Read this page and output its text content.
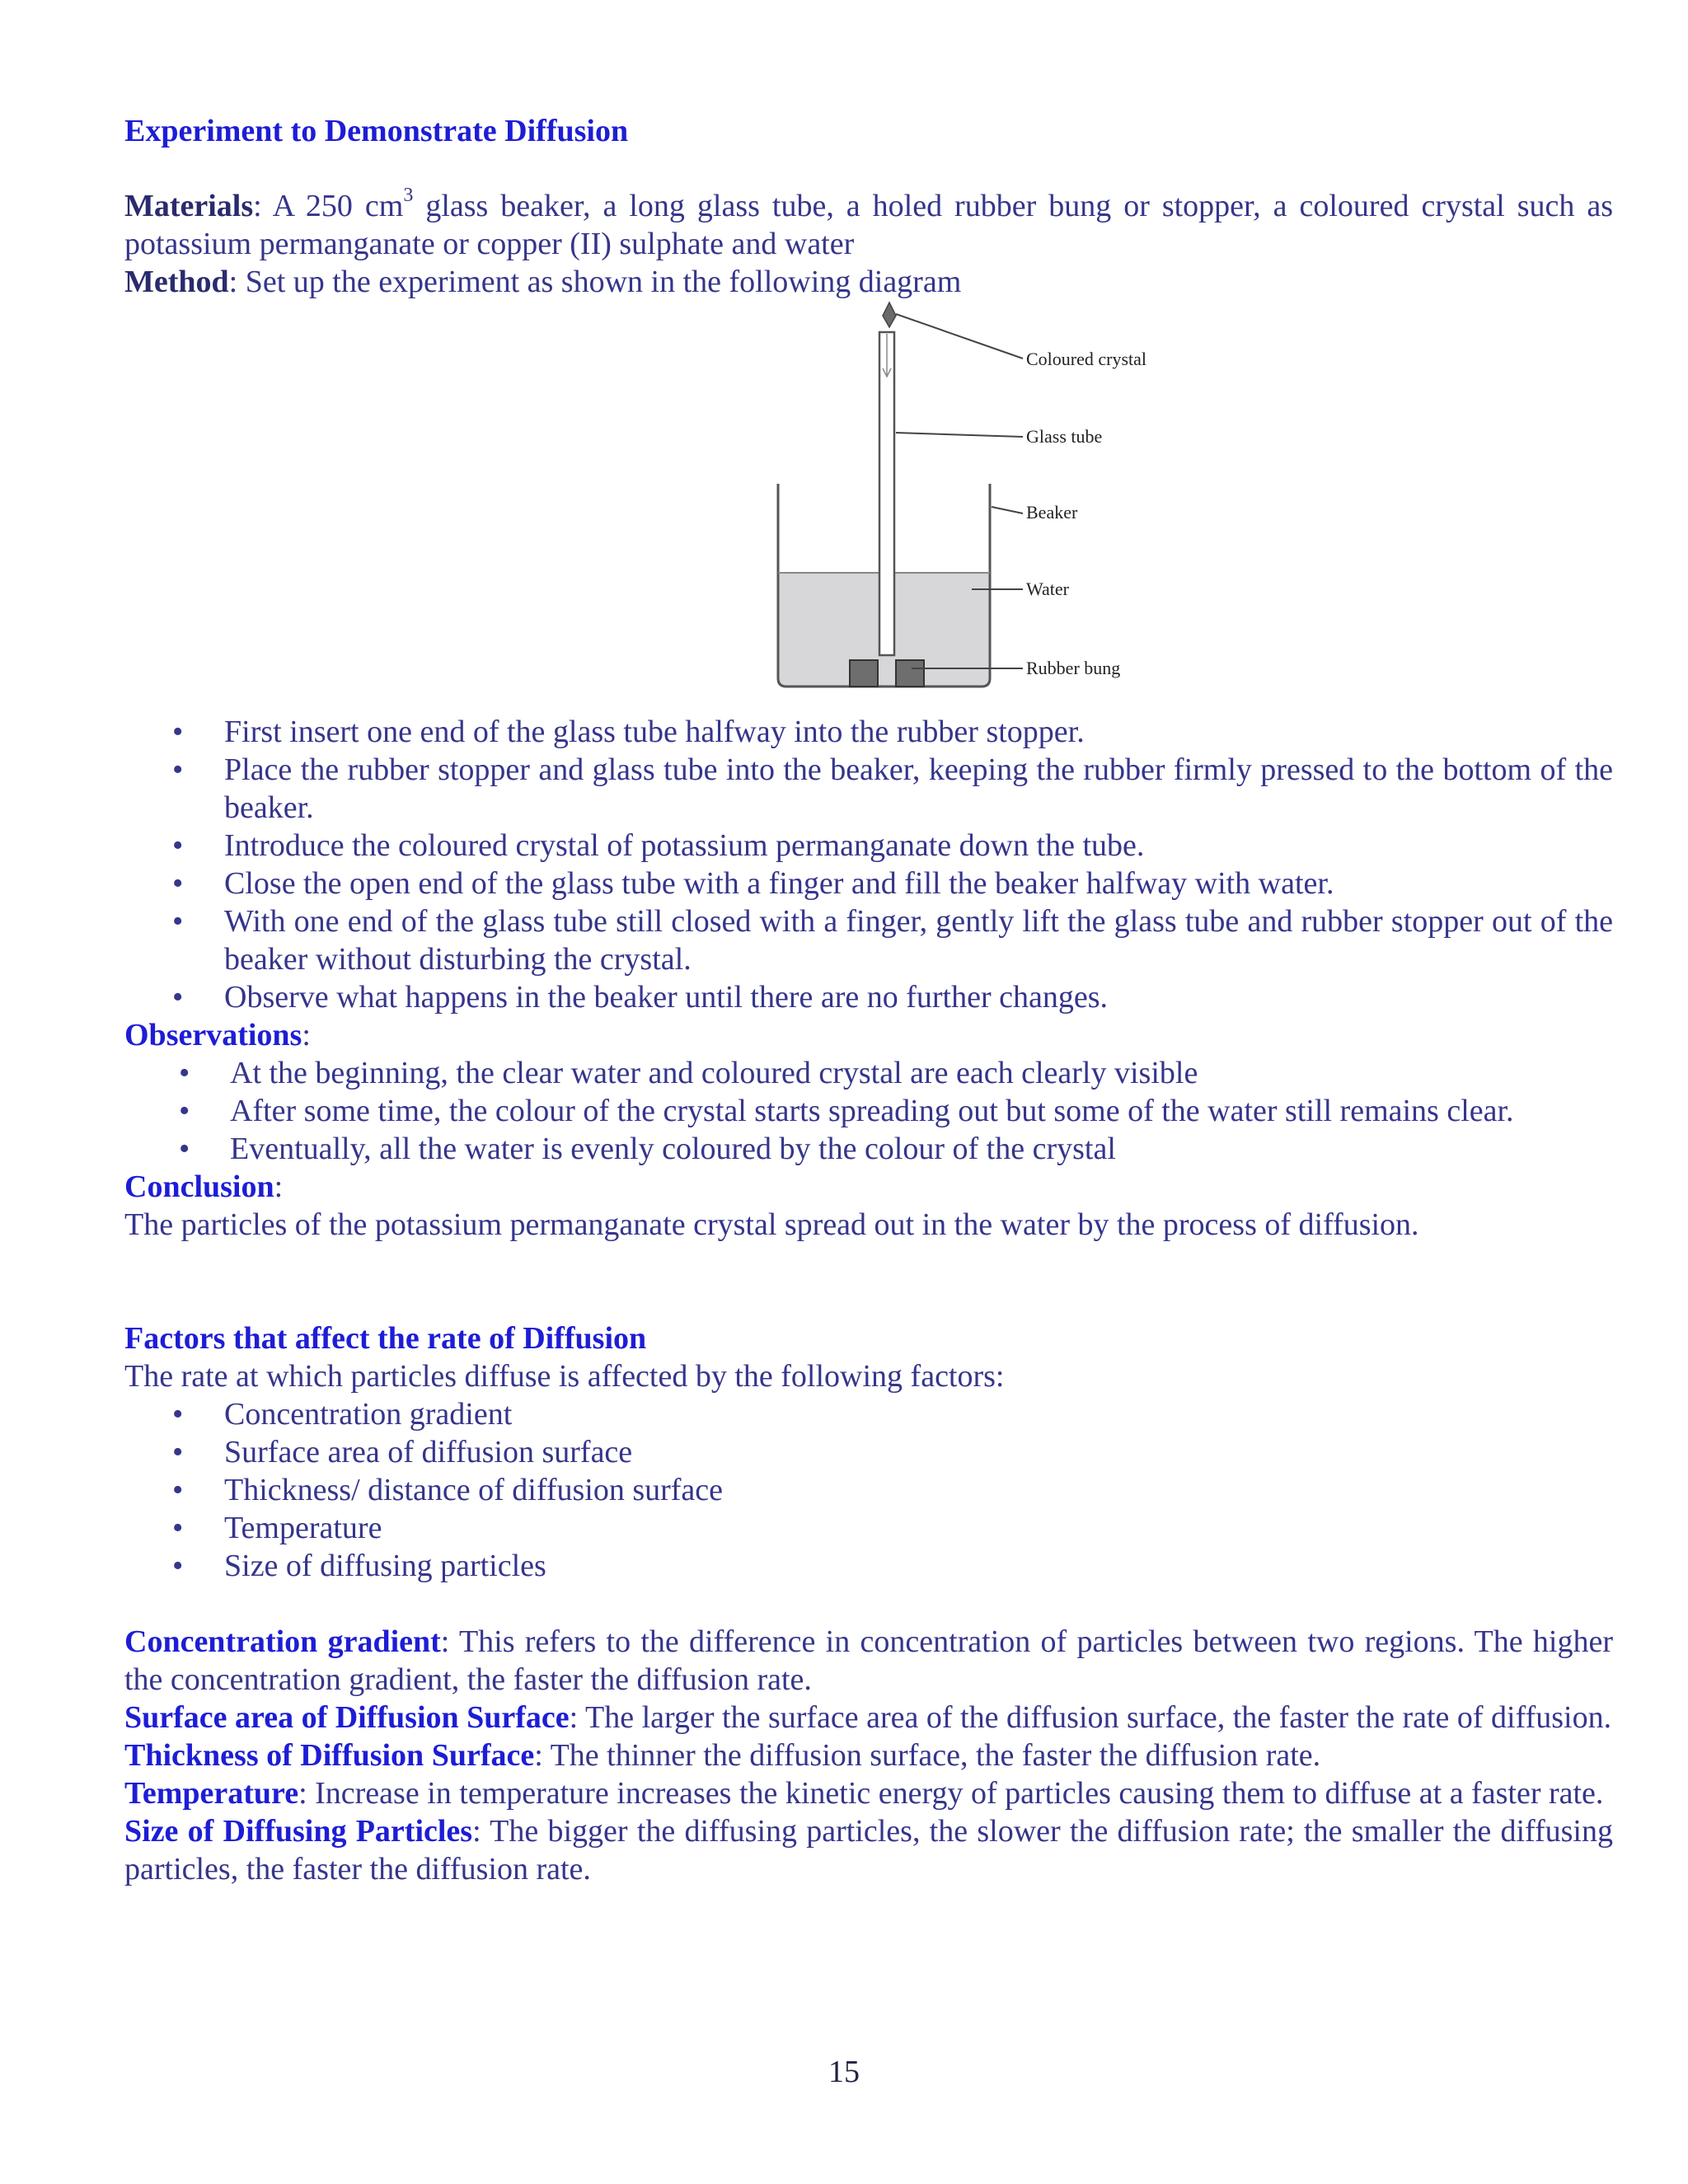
Experiment to Demonstrate Diffusion

Materials: A 250 $cm^3$ glass beaker, a long glass tube, a holed rubber bung or stopper, a coloured crystal such as potassium permanganate or copper (II) sulphate and water

Method: Set up the experiment as shown in the following diagram

Coloured crystal
Glass tube
Beaker
Water
Rubber bung
• First insert one end of the glass tube halfway into the rubber stopper.
• Place the rubber stopper and glass tube into the beaker, keeping the rubber firmly pressed to the bottom of the beaker.
• Introduce the coloured crystal of potassium permanganate down the tube.
• Close the open end of the glass tube with a finger and fill the beaker halfway with water.
• With one end of the glass tube still closed with a finger, gently lift the glass tube and rubber stopper out of the beaker without disturbing the crystal.
• Observe what happens in the beaker until there are no further changes.

Observations:

• At the beginning, the clear water and coloured crystal are each clearly visible
• After some time, the colour of the crystal starts spreading out but some of the water still remains clear.
• Eventually, all the water is evenly coloured by the colour of the crystal

Conclusion:

The particles of the potassium permanganate crystal spread out in the water by the process of diffusion.

Factors that affect the rate of Diffusion

The rate at which particles diffuse is affected by the following factors:

• Concentration gradient
• Surface area of diffusion surface
• Thickness/ distance of diffusion surface
• Temperature
• Size of diffusing particles

Concentration gradient: This refers to the difference in concentration of particles between two regions. The higher the concentration gradient, the faster the diffusion rate.

Surface area of Diffusion Surface: The larger the surface area of the diffusion surface, the faster the rate of diffusion.

Thickness of Diffusion Surface: The thinner the diffusion surface, the faster the diffusion rate.

Temperature: Increase in temperature increases the kinetic energy of particles causing them to diffuse at a faster rate.

Size of Diffusing Particles: The bigger the diffusing particles, the slower the diffusion rate; the smaller the diffusing particles, the faster the diffusion rate.

15
